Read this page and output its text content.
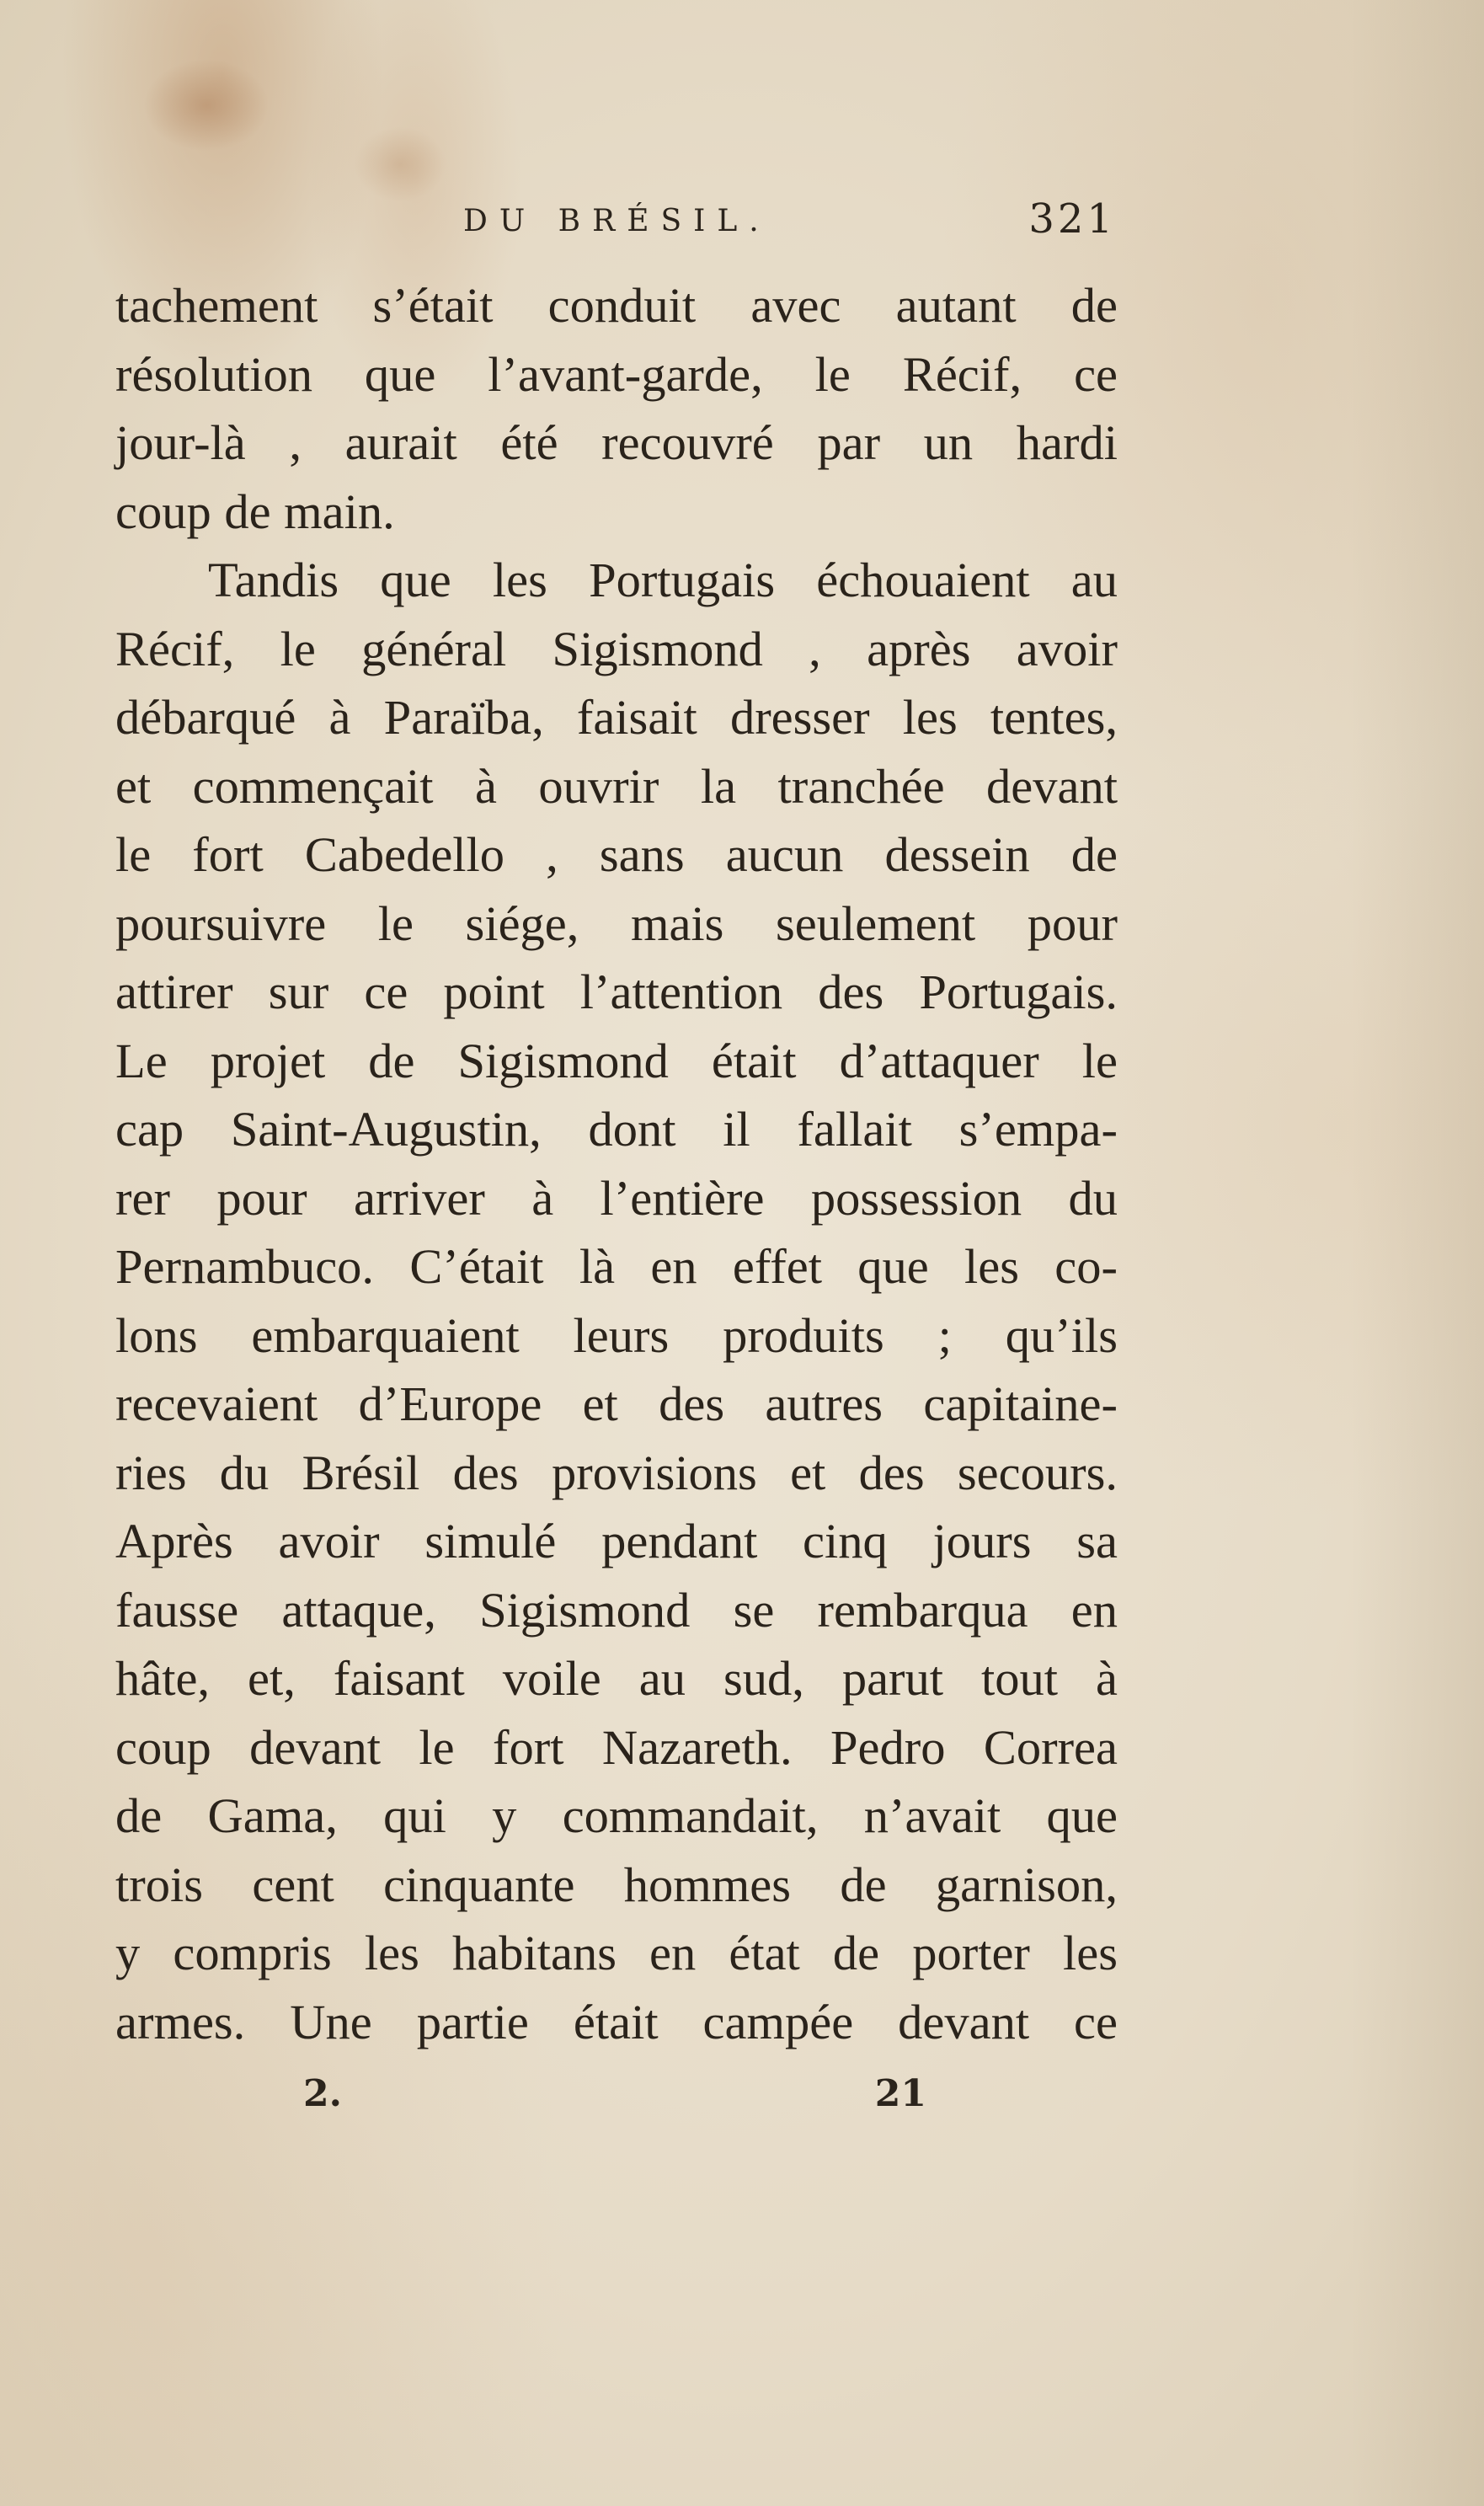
DU BRÉSIL.	321
tachement s’était conduit avec autant de
résolution que l’avant-garde, le Récif, ce
jour-là , aurait été recouvré par un hardi
coup de main.
Tandis que les Portugais échouaient au
Récif, le général Sigismond , après avoir
débarqué à Paraïba, faisait dresser les tentes,
et commençait à ouvrir la tranchée devant
le fort Cabedello , sans aucun dessein de
poursuivre le siége, mais seulement pour
attirer sur ce point l’attention des Portugais.
Le projet de Sigismond était d’attaquer le
cap Saint-Augustin, dont il fallait s’empa-
rer pour arriver à l’entière possession du
Pernambuco. C’était là en effet que les co-
lons embarquaient leurs produits ; qu’ils
recevaient d’Europe et des autres capitaine-
ries du Brésil des provisions et des secours.
Après avoir simulé pendant cinq jours sa
fausse attaque, Sigismond se rembarqua en
hâte, et, faisant voile au sud, parut tout à
coup devant le fort Nazareth. Pedro Correa
de Gama, qui y commandait, n’avait que
trois cent cinquante hommes de garnison,
y compris les habitans en état de porter les
armes. Une partie était campée devant ce
2.	21
